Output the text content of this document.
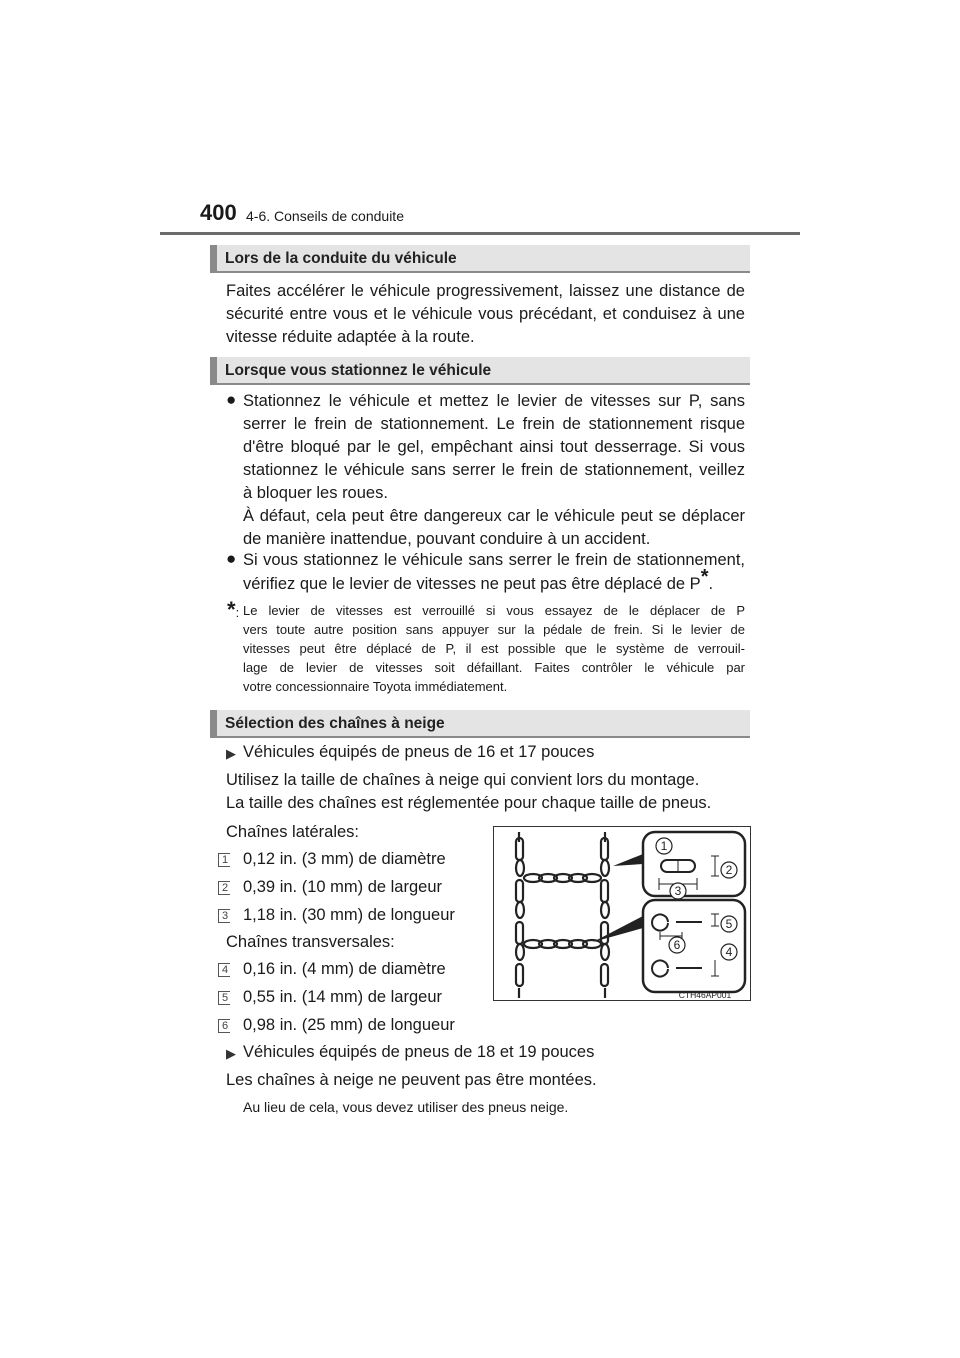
400 4-6. Conseils de conduite
Lors de la conduite du véhicule
Faites accélérer le véhicule progressivement, laissez une distance de
sécurité entre vous et le véhicule vous précédant, et conduisez à une
vitesse réduite adaptée à la route.
Lorsque vous stationnez le véhicule
● Stationnez le véhicule et mettez le levier de vitesses sur P, sans
serrer le frein de stationnement. Le frein de stationnement risque
d'être bloqué par le gel, empêchant ainsi tout desserrage. Si vous
stationnez le véhicule sans serrer le frein de stationnement, veillez
à bloquer les roues.
À défaut, cela peut être dangereux car le véhicule peut se déplacer
de manière inattendue, pouvant conduire à un accident.
● Si vous stationnez le véhicule sans serrer le frein de stationnement,
vérifiez que le levier de vitesses ne peut pas être déplacé de P*.
*: Le levier de vitesses est verrouillé si vous essayez de le déplacer de P
vers toute autre position sans appuyer sur la pédale de frein. Si le levier de
vitesses peut être déplacé de P, il est possible que le système de verrouil-
lage de levier de vitesses soit défaillant. Faites contrôler le véhicule par
votre concessionnaire Toyota immédiatement.
Sélection des chaînes à neige
▶ Véhicules équipés de pneus de 16 et 17 pouces
Utilisez la taille de chaînes à neige qui convient lors du montage.
La taille des chaînes est réglementée pour chaque taille de pneus.
Chaînes latérales:
1 0,12 in. (3 mm) de diamètre
2 0,39 in. (10 mm) de largeur
3 1,18 in. (30 mm) de longueur
Chaînes transversales:
4 0,16 in. (4 mm) de diamètre
5 0,55 in. (14 mm) de largeur
6 0,98 in. (25 mm) de longueur
▶ Véhicules équipés de pneus de 18 et 19 pouces
Les chaînes à neige ne peuvent pas être montées.
Au lieu de cela, vous devez utiliser des pneus neige.
1
2
3
4
5
6
CTH46AP001
